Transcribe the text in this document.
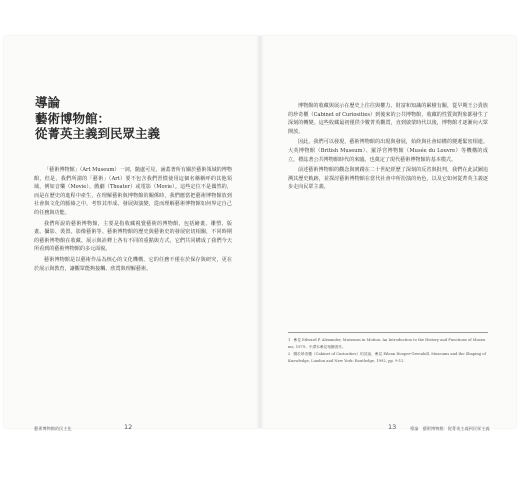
導論
藝術博物館：
從菁英主義到民眾主義

「藝術博物館」（Art Museum）一詞，隨處可見，涵蓋著所有關於藝術領域的博物館，但是，我們所謂的「藝術」（Art）要不包含我們習慣使用這個名稱稱呼的其他領域，例如音樂（Movie）、戲劇（Theater）或電影（Movie）。這些定位不是偶然的，而是在歷史的進程中產生，在理解藝術與博物館的關係時，我們應當把藝術博物館放到社會與文化的脈絡之中，考察其形成、發展與演變，從而理解藝術博物館如何界定自己的任務與功能。

我們所說的藝術博物館，主要是指收藏視覺藝術的博物館，包括繪畫、雕塑、版畫、攝影、裝置、影像藝術等。藝術博物館的歷史與藝術史的發展密切相關，不同時期的藝術博物館在收藏、展示與詮釋上各有不同的重點與方式，它們共同構成了我們今天所看到的藝術博物館的多元面貌。

藝術博物館是以藝術作品為核心的文化機構，它的任務不僅在於保存與研究，更在於展示與教育，讓觀眾能夠接觸、欣賞與理解藝術。

藝術博物館的民主化	12

博物館的收藏與展示在歷史上往往與權力、財富和知識的累積有關，從早期王公貴族的珍奇櫃（Cabinet of Curiosities）到後來的公共博物館，收藏的性質與對象都發生了深刻的轉變。這些收藏最初僅供少數菁英觀賞，直到啟蒙時代以後，博物館才逐漸向大眾開放。

因此，我們可以發現，藝術博物館的出現與發展，始終與社會結構的變遷緊密相連。大英博物館（British Museum）、羅浮宮博物館（Musée du Louvre）等機構的成立，標誌著公共博物館時代的來臨，也奠定了現代藝術博物館的基本模式。

前述藝術博物館的觀念與實踐在二十世紀經歷了深刻的反省與批判，我們在此試圖追溯其歷史軌跡，並探討藝術博物館在當代社會中所扮演的角色，以及它如何從菁英主義逐步走向民眾主義。

1 參見 Edward P. Alexander, Museums in Motion: An Introduction to the History and Functions of Museums, 1979；中譯本參見相關著作。
2 關於珍奇櫃（Cabinet of Curiosities）的討論，參見 Eilean Hooper-Greenhill, Museums and the Shaping of Knowledge, London and New York: Routledge, 1992, pp. 9-12.
13	導論　藝術博物館：從菁英主義到民眾主義
